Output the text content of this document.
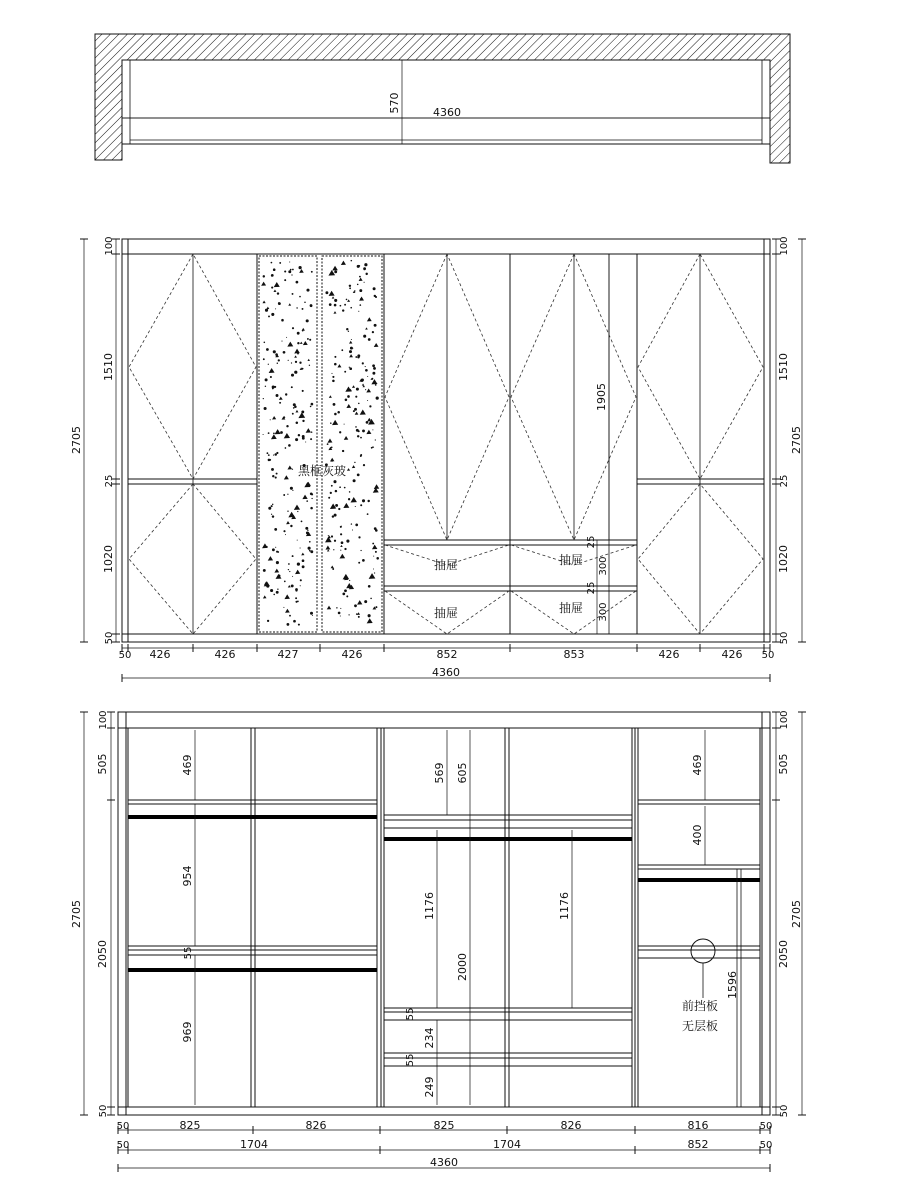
570	4360
黑框灰玻
抽屉	抽屉
抽屉	抽屉
1905
25
300
25
300
100
1510
25
1020
50
2705
100
1510
25
1020
50
2705
50 426	426	427	426	852	853	426	426 50
4360
469
954
55
969
569 605
1176
2000
55
234
55
249
1176
469
400
1596
前挡板
无层板
100
505
2050
50
2705
100
505
2050
50
2705
50	825	826	825	826	816	50
50	1704	1704	852	50
4360
